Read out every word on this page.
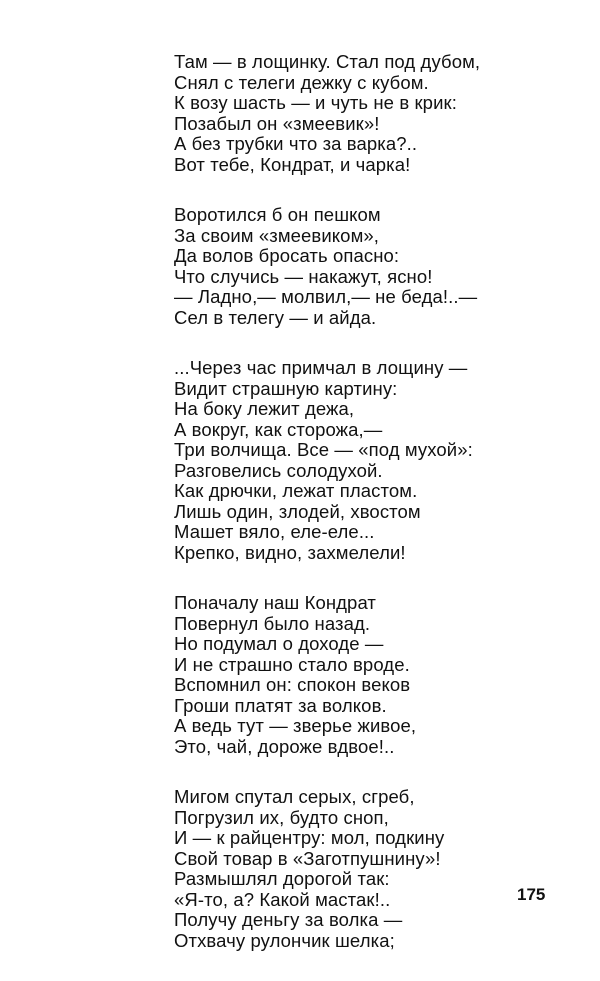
Там — в лощинку. Стал под дубом,
Снял с телеги дежку с кубом.
К возу шасть — и чуть не в крик:
Позабыл он «змеевик»!
А без трубки что за варка?..
Вот тебе, Кондрат, и чарка!
Воротился б он пешком
За своим «змеевиком»,
Да волов бросать опасно:
Что случись — накажут, ясно!
— Ладно,— молвил,— не беда!..—
Сел в телегу — и айда.
...Через час примчал в лощину —
Видит страшную картину:
На боку лежит дежа,
А вокруг, как сторожа,—
Три волчища. Все — «под мухой»:
Разговелись солодухой.
Как дрючки, лежат пластом.
Лишь один, злодей, хвостом
Машет вяло, еле-еле...
Крепко, видно, захмелели!
Поначалу наш Кондрат
Повернул было назад.
Но подумал о доходе —
И не страшно стало вроде.
Вспомнил он: спокон веков
Гроши платят за волков.
А ведь тут — зверье живое,
Это, чай, дороже вдвое!..
Мигом спутал серых, сгреб,
Погрузил их, будто сноп,
И — к райцентру: мол, подкину
Свой товар в «Заготпушнину»!
Размышлял дорогой так:
«Я-то, а? Какой мастак!..
Получу деньгу за волка —
Отхвачу рулончик шелка;
175
